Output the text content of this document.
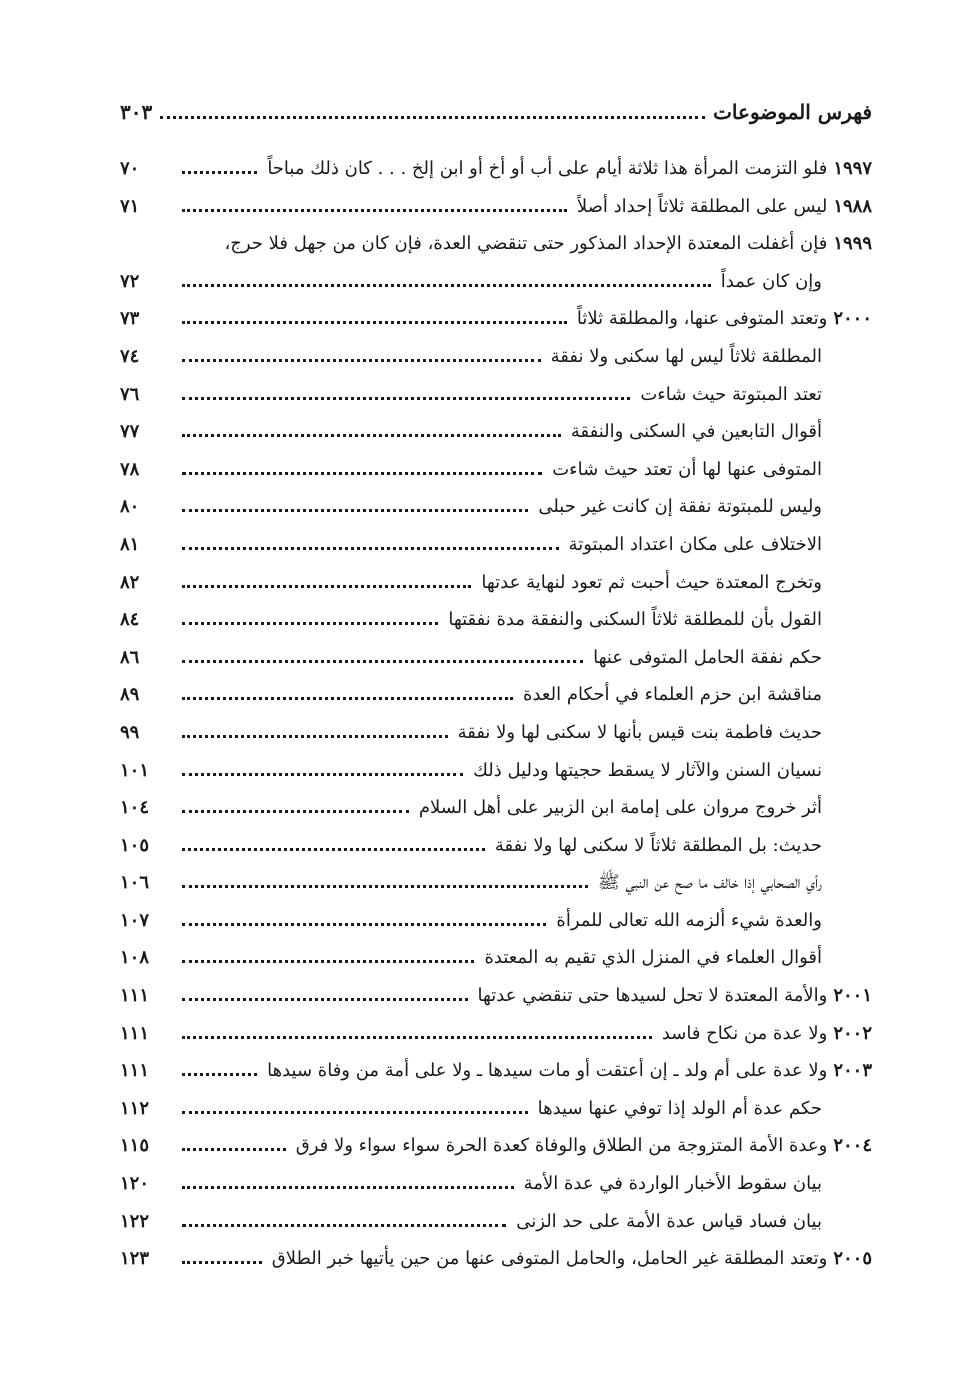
فهرس الموضوعات
٣٠٣
١٩٩٧
فلو التزمت المرأة هذا ثلاثة أيام على أب أو أخ أو ابن إلخ . . . كان ذلك مباحاً
٧٠
١٩٨٨
ليس على المطلقة ثلاثاً إحداد أصلاً
٧١
١٩٩٩
فإن أغفلت المعتدة الإحداد المذكور حتى تنقضي العدة، فإن كان من جهل فلا حرج،
وإن كان عمداً
٧٢
٢٠٠٠
وتعتد المتوفى عنها، والمطلقة ثلاثاً
٧٣
المطلقة ثلاثاً ليس لها سكنى ولا نفقة
٧٤
تعتد المبتوتة حيث شاءت
٧٦
أقوال التابعين في السكنى والنفقة
٧٧
المتوفى عنها لها أن تعتد حيث شاءت
٧٨
وليس للمبتوتة نفقة إن كانت غير حبلى
٨٠
الاختلاف على مكان اعتداد المبتوتة
٨١
وتخرج المعتدة حيث أحبت ثم تعود لنهاية عدتها
٨٢
القول بأن للمطلقة ثلاثاً السكنى والنفقة مدة نفقتها
٨٤
حكم نفقة الحامل المتوفى عنها
٨٦
مناقشة ابن حزم العلماء في أحكام العدة
٨٩
حديث فاطمة بنت قيس بأنها لا سكنى لها ولا نفقة
٩٩
نسيان السنن والآثار لا يسقط حجيتها ودليل ذلك
١٠١
أثر خروج مروان على إمامة ابن الزبير على أهل السلام
١٠٤
حديث: بل المطلقة ثلاثاً لا سكنى لها ولا نفقة
١٠٥
رأي الصحابي إذا خالف ما صح عن النبي ﷺ
١٠٦
والعدة شيء ألزمه الله تعالى للمرأة
١٠٧
أقوال العلماء في المنزل الذي تقيم به المعتدة
١٠٨
٢٠٠١
والأمة المعتدة لا تحل لسيدها حتى تنقضي عدتها
١١١
٢٠٠٢
ولا عدة من نكاح فاسد
١١١
٢٠٠٣
ولا عدة على أم ولد ـ إن أعتقت أو مات سيدها ـ ولا على أمة من وفاة سيدها
١١١
حكم عدة أم الولد إذا توفي عنها سيدها
١١٢
٢٠٠٤
وعدة الأمة المتزوجة من الطلاق والوفاة كعدة الحرة سواء سواء ولا فرق
١١٥
بيان سقوط الأخبار الواردة في عدة الأمة
١٢٠
بيان فساد قياس عدة الأمة على حد الزنى
١٢٢
٢٠٠٥
وتعتد المطلقة غير الحامل، والحامل المتوفى عنها من حين يأتيها خبر الطلاق
١٢٣
